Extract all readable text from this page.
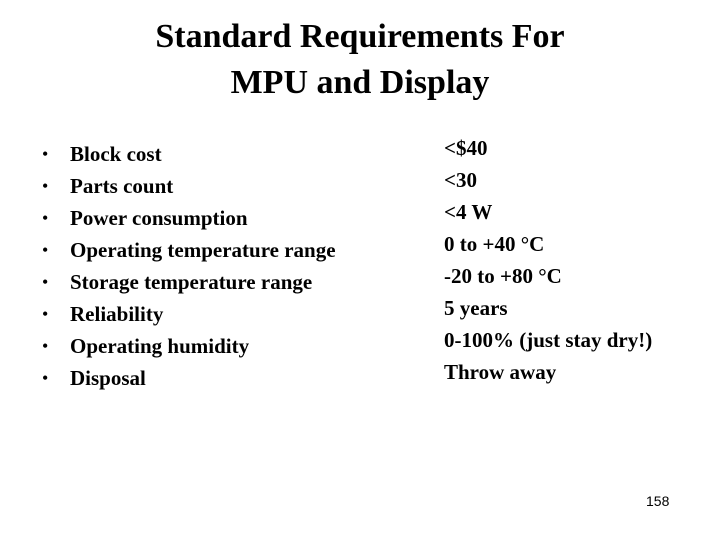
Standard Requirements For
MPU and Display
• Block cost
• Parts count
• Power consumption
• Operating temperature range
• Storage temperature range
• Reliability
• Operating humidity
• Disposal
<$40
<30
<4 W
0 to +40 °C
-20 to +80 °C
5 years
0-100% (just stay dry!)
Throw away
158
